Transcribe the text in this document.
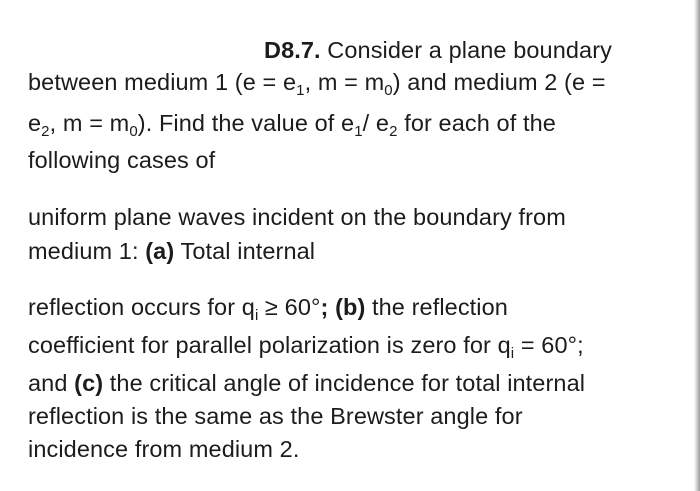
D8.7. Consider a plane boundary
between medium 1 ($e = e_1$, $m = m_0$) and medium 2 (e =
$e_2$, $m = m_0$). Find the value of $e_1/$ $e_2$ for each of the
following cases of
uniform plane waves incident on the boundary from
medium 1: (a) Total internal
reflection occurs for $q_i \ge 60^\circ$; (b) the reflection
coefficient for parallel polarization is zero for $q_i = 60^\circ$;
and (c) the critical angle of incidence for total internal
reflection is the same as the Brewster angle for
incidence from medium 2.
